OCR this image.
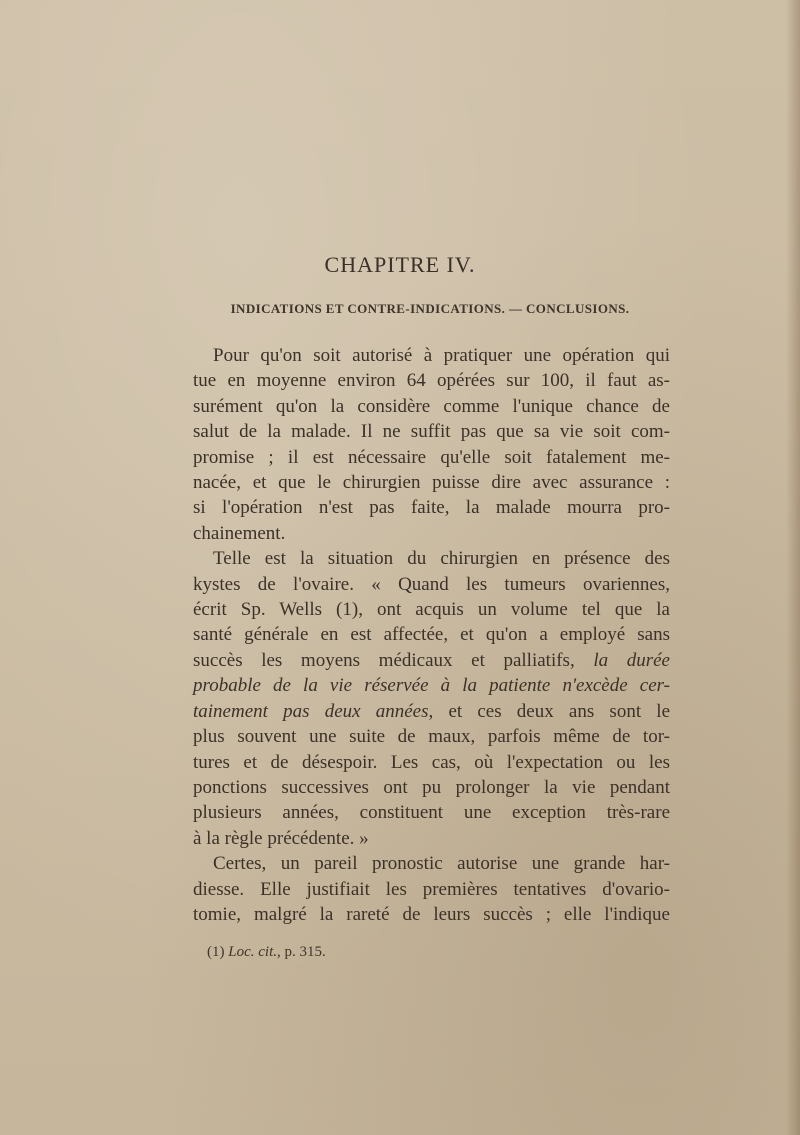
CHAPITRE IV.
INDICATIONS ET CONTRE-INDICATIONS. — CONCLUSIONS.
Pour qu'on soit autorisé à pratiquer une opération qui
tue en moyenne environ 64 opérées sur 100, il faut as-
surément qu'on la considère comme l'unique chance de
salut de la malade. Il ne suffit pas que sa vie soit com-
promise ; il est nécessaire qu'elle soit fatalement me-
nacée, et que le chirurgien puisse dire avec assurance :
si l'opération n'est pas faite, la malade mourra pro-
chainement.
Telle est la situation du chirurgien en présence des
kystes de l'ovaire. « Quand les tumeurs ovariennes,
écrit Sp. Wells (1), ont acquis un volume tel que la
santé générale en est affectée, et qu'on a employé sans
succès les moyens médicaux et palliatifs, la durée
probable de la vie réservée à la patiente n'excède cer-
tainement pas deux années, et ces deux ans sont le
plus souvent une suite de maux, parfois même de tor-
tures et de désespoir. Les cas, où l'expectation ou les
ponctions successives ont pu prolonger la vie pendant
plusieurs années, constituent une exception très-rare
à la règle précédente. »
Certes, un pareil pronostic autorise une grande har-
diesse. Elle justifiait les premières tentatives d'ovario-
tomie, malgré la rareté de leurs succès ; elle l'indique
(1) Loc. cit., p. 315.
